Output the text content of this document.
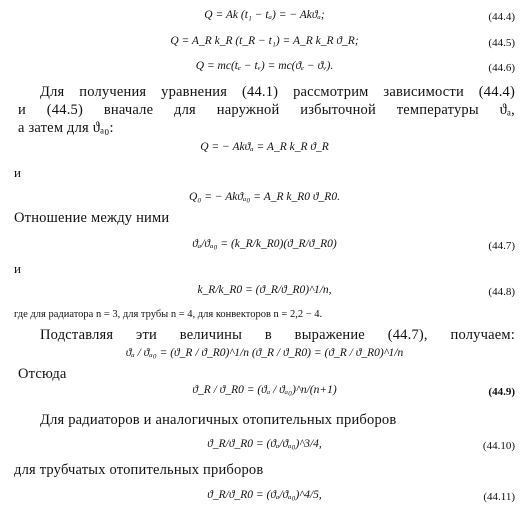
Q = Ak (t₁ − tₐ) = − Akϑₐ;	(44.4)
Q = A_R k_R (t_R − t₁) = A_R k_R ϑ_R;	(44.5)
Q = mc(tₑ − tᵥ) = mc(ϑₑ − ϑᵥ).	(44.6)
Для получения уравнения (44.1) рассмотрим зависимости (44.4)
и (44.5) вначале для наружной избыточной температуры ϑₐ,
а затем для ϑₐ₀:
Q = − Akϑₐ = A_R k_R ϑ_R
и
Q₀ = − Akϑₐ₀ = A_R k_R0 ϑ_R0.
Отношение между ними
ϑₐ/ϑₐ₀ = (k_R/k_R0)(ϑ_R/ϑ_R0)	(44.7)
и
k_R/k_R0 = (ϑ_R/ϑ_R0)^1/n,	(44.8)
где для радиатора n = 3, для трубы n = 4, для конвекторов n = 2,2 − 4.
Подставляя эти величины в выражение (44.7), получаем:
ϑₐ / ϑₐ₀ = (ϑ_R / ϑ_R0)^1/n (ϑ_R / ϑ_R0) = (ϑ_R / ϑ_R0)^1/n
Отсюда
ϑ_R / ϑ_R0 = (ϑₐ / ϑₐ₀)^n/(n+1)	(44.9)
Для радиаторов и аналогичных отопительных приборов
ϑ_R/ϑ_R0 = (ϑₐ/ϑₐ₀)^3/4,	(44.10)
для трубчатых отопительных приборов
ϑ_R/ϑ_R0 = (ϑₐ/ϑₐ₀)^4/5,	(44.11)
